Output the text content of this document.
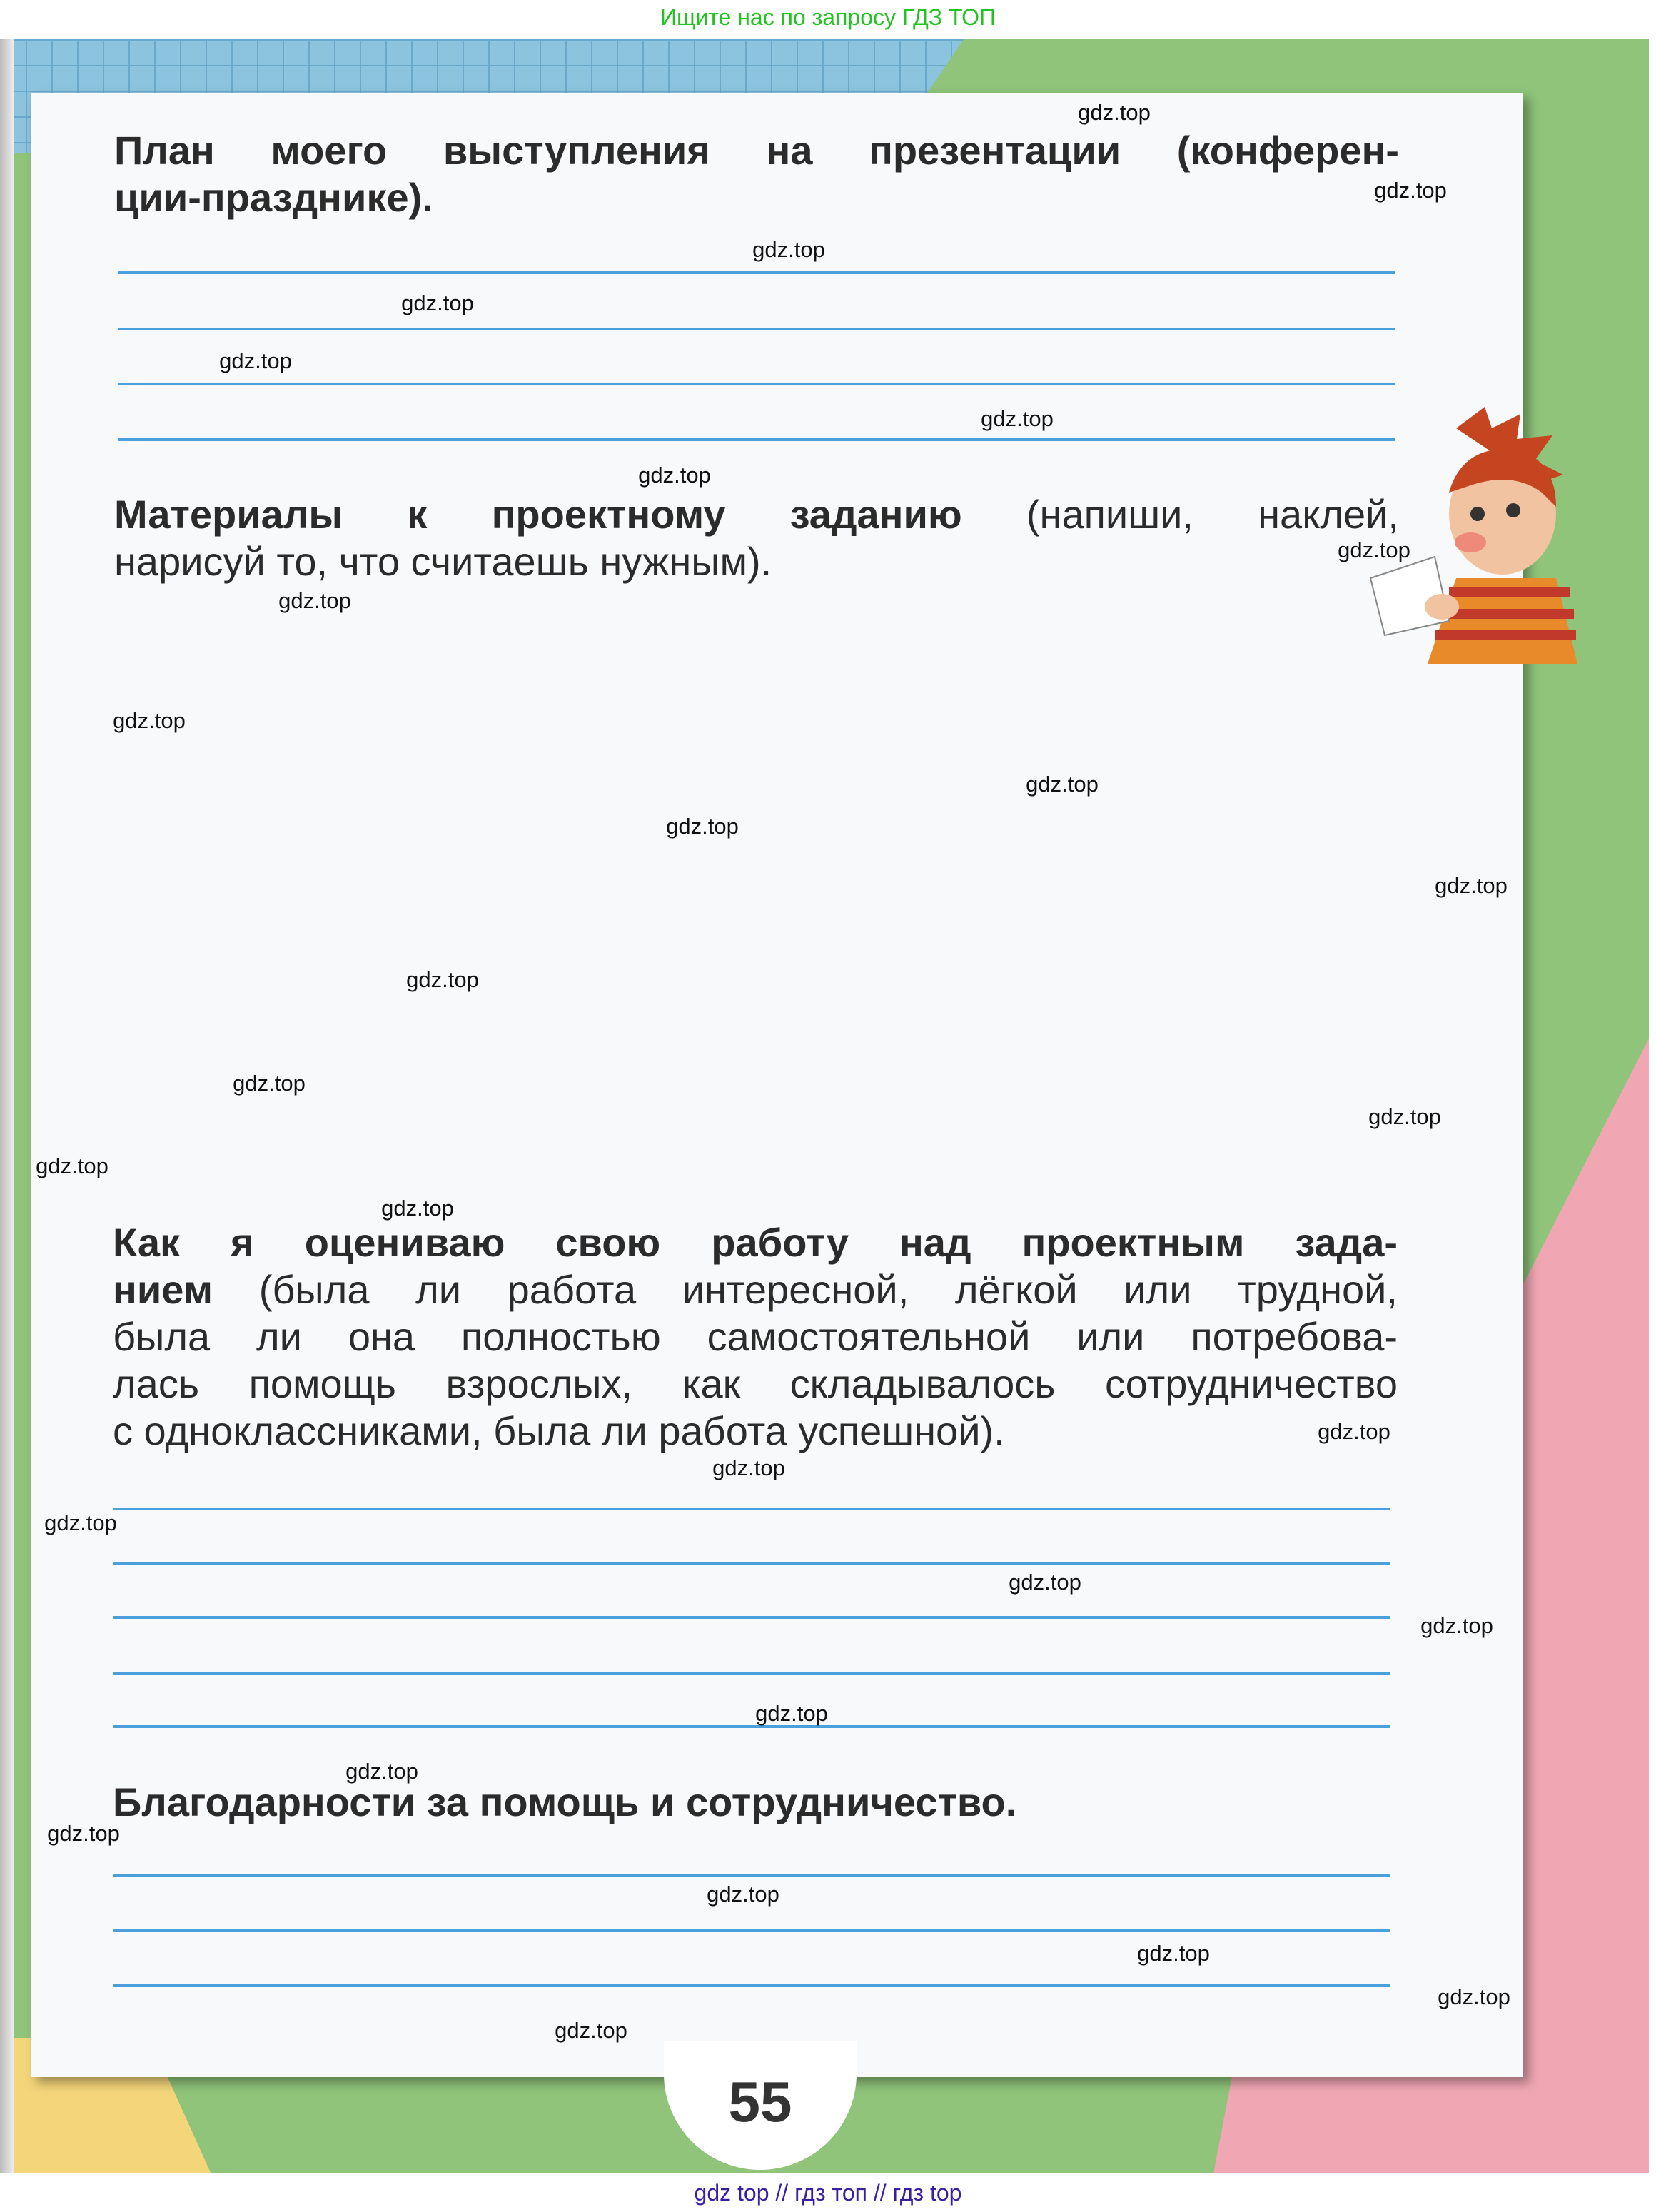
Ищите нас по запросу ГДЗ ТОП
План моего выступления на презентации (конферен-
ции-празднике).
Материалы к проектному заданию (напиши, наклей,
нарисуй то, что считаешь нужным).
Как я оцениваю свою работу над проектным зада-
нием (была ли работа интересной, лёгкой или трудной,
была ли она полностью самостоятельной или потребова-
лась помощь взрослых, как складывалось сотрудничество
с одноклассниками, была ли работа успешной).
Благодарности за помощь и сотрудничество.
55
gdz.top
gdz.top
gdz.top
gdz.top
gdz.top
gdz.top
gdz.top
gdz.top
gdz.top
gdz.top
gdz.top
gdz.top
gdz.top
gdz.top
gdz.top
gdz.top
gdz.top
gdz.top
gdz.top
gdz.top
gdz.top
gdz.top
gdz.top
gdz.top
gdz.top
gdz.top
gdz.top
gdz.top
gdz.top
gdz.top
gdz top // гдз топ // гдз top
